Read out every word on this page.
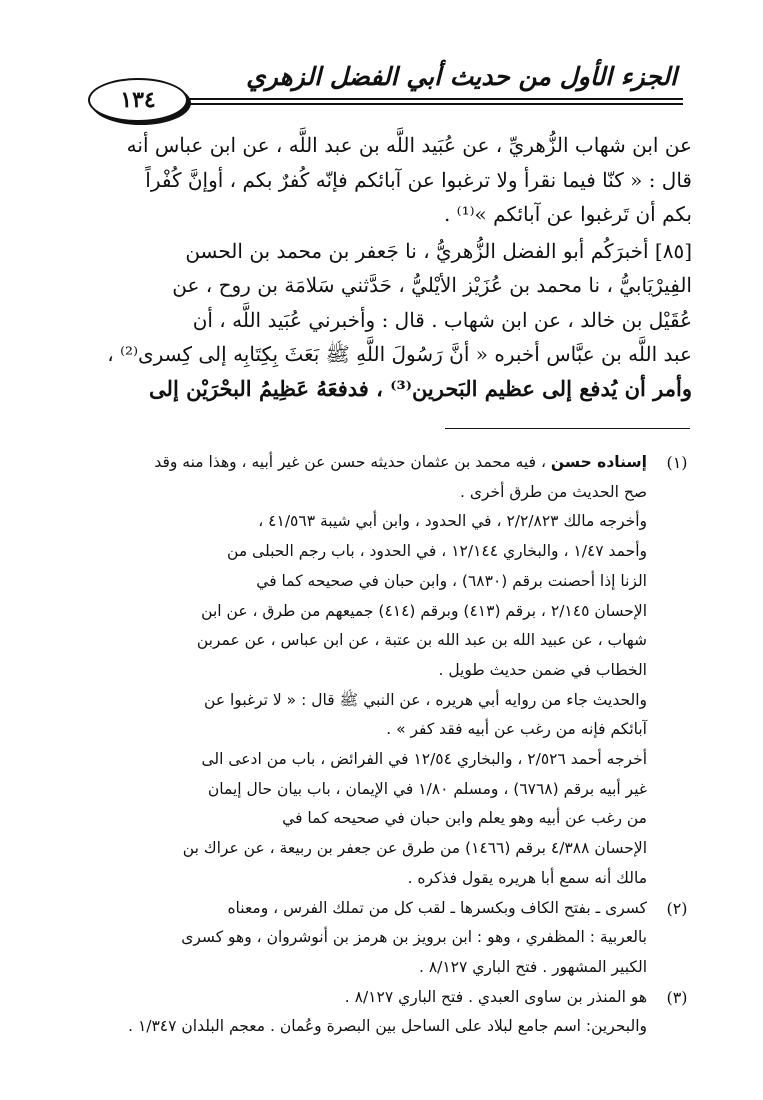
الجزء الأول من حديث أبي الفضل الزهري
١٣٤

عن ابن شهاب الزُّهريِّ ، عن عُبَيد اللَّه بن عبد اللَّه ، عن ابن عباس أنه

قال : « كنّا فيما نقرأ ولا ترغبوا عن آبائكم فإنّه كُفرٌ بكم ، أوإنَّ كُفْراً

بكم أن تَرغبوا عن آبائكم »⁽¹⁾ .

[٨٥] أخبرَكُم أبو الفضل الزُّهريُّ ، نا جَعفر بن محمد بن الحسن

الفِيرْيَابيُّ ، نا محمد بن عُزَيْز الأيْليُّ ، حَدَّثني سَلامَة بن روح ، عن

عُقَيْل بن خالد ، عن ابن شهاب . قال : وأخبرني عُبَيد اللَّه ، أن

عبد اللَّه بن عبَّاس أخبره « أنَّ رَسُولَ اللَّهِ ﷺ بَعَثَ بِكِتَابِه إلى كِسرى⁽²⁾ ،

وأمر أن يُدفع إلى عظيم البَحرين⁽³⁾ ، فدفعَهُ عَظِيمُ البحْرَيْن إلى

(١)

إسناده حسن ، فيه محمد بن عثمان حديثه حسن عن غير أبيه ، وهذا منه وقد

صح الحديث من طرق أخرى .

وأخرجه مالك ٢/٢/٨٢٣ ، في الحدود ، وابن أبي شيبة ٤١/٥٦٣ ،

وأحمد ١/٤٧ ، والبخاري ١٢/١٤٤ ، في الحدود ، باب رجم الحبلى من

الزنا إذا أحصنت برقم (٦٨٣٠) ، وابن حبان في صحيحه كما في

الإحسان ٢/١٤٥ ، برقم (٤١٣) وبرقم (٤١٤) جميعهم من طرق ، عن ابن

شهاب ، عن عبيد الله بن عبد الله بن عتبة ، عن ابن عباس ، عن عمربن

الخطاب في ضمن حديث طويل .

والحديث جاء من روايه أبي هريره ، عن النبي ﷺ قال : « لا ترغبوا عن

آبائكم فإنه من رغب عن أبيه فقد كفر » .

أخرجه أحمد ٢/٥٢٦ ، والبخاري ١٢/٥٤ في الفرائض ، باب من ادعى الى

غير أبيه برقم (٦٧٦٨) ، ومسلم ١/٨٠ في الإيمان ، باب بيان حال إيمان

من رغب عن أبيه وهو يعلم وابن حبان في صحيحه كما في

الإحسان ٤/٣٨٨ برقم (١٤٦٦) من طرق عن جعفر بن ربيعة ، عن عراك بن

مالك أنه سمع أبا هريره يقول فذكره .

(٢)

كسرى ـ بفتح الكاف وبكسرها ـ لقب كل من تملك الفرس ، ومعناه

بالعربية : المظفري ، وهو : ابن برويز بن هرمز بن أنوشروان ، وهو كسرى

الكبير المشهور . فتح الباري ٨/١٢٧ .

(٣)

هو المنذر بن ساوى العبدي . فتح الباري ٨/١٢٧ .

والبحرين: اسم جامع لبلاد على الساحل بين البصرة وعُمان . معجم البلدان ١/٣٤٧ .
